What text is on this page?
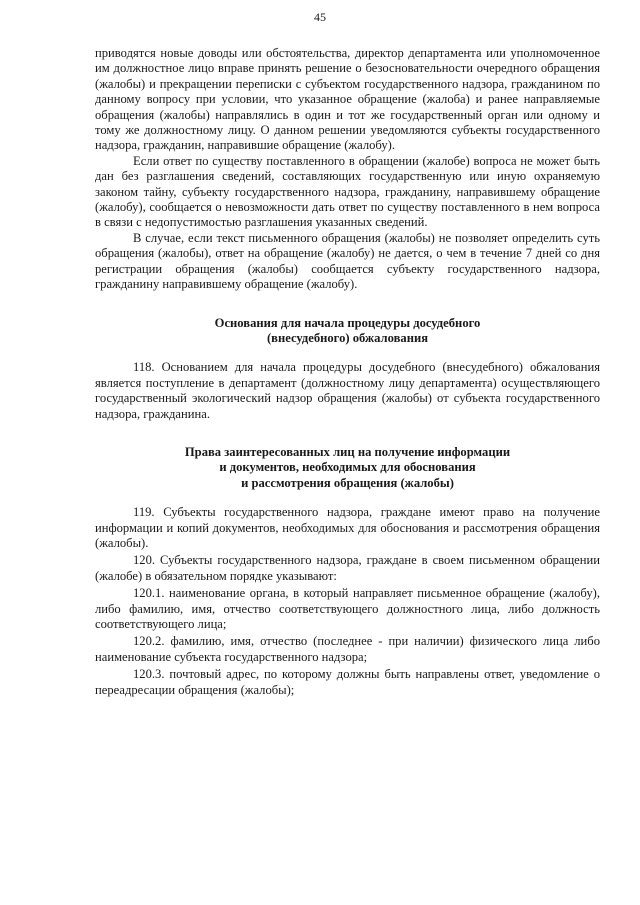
45

приводятся новые доводы или обстоятельства, директор департамента или уполномоченное им должностное лицо вправе принять решение о безосновательности очередного обращения (жалобы) и прекращении переписки с субъектом государственного надзора, гражданином по данному вопросу при условии, что указанное обращение (жалоба) и ранее направляемые обращения (жалобы) направлялись в один и тот же государственный орган или одному и тому же должностному лицу. О данном решении уведомляются субъекты государственного надзора, гражданин, направившие обращение (жалобу).

Если ответ по существу поставленного в обращении (жалобе) вопроса не может быть дан без разглашения сведений, составляющих государственную или иную охраняемую законом тайну, субъекту государственного надзора, гражданину, направившему обращение (жалобу), сообщается о невозможности дать ответ по существу поставленного в нем вопроса в связи с недопустимостью разглашения указанных сведений.

В случае, если текст письменного обращения (жалобы) не позволяет определить суть обращения (жалобы), ответ на обращение (жалобу) не дается, о чем в течение 7 дней со дня регистрации обращения (жалобы) сообщается субъекту государственного надзора, гражданину направившему обращение (жалобу).

Основания для начала процедуры досудебного
(внесудебного) обжалования

118. Основанием для начала процедуры досудебного (внесудебного) обжалования является поступление в департамент (должностному лицу департамента) осуществляющего государственный экологический надзор обращения (жалобы) от субъекта государственного надзора, гражданина.

Права заинтересованных лиц на получение информации
и документов, необходимых для обоснования
и рассмотрения обращения (жалобы)

119. Субъекты государственного надзора, граждане имеют право на получение информации и копий документов, необходимых для обоснования и рассмотрения обращения (жалобы).

120. Субъекты государственного надзора, граждане в своем письменном обращении (жалобе) в обязательном порядке указывают:

120.1. наименование органа, в который направляет письменное обращение (жалобу), либо фамилию, имя, отчество соответствующего должностного лица, либо должность соответствующего лица;

120.2. фамилию, имя, отчество (последнее - при наличии) физического лица либо наименование субъекта государственного надзора;

120.3. почтовый адрес, по которому должны быть направлены ответ, уведомление о переадресации обращения (жалобы);
